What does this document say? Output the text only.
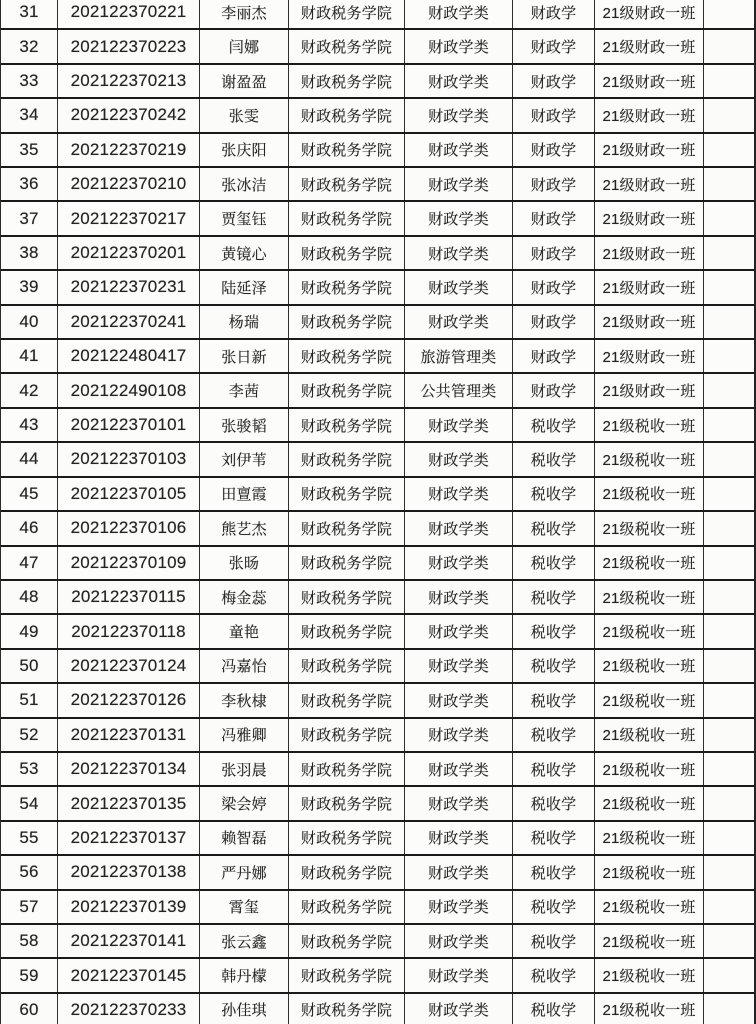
31	202122370221	李丽杰	财政税务学院	财政学类	财政学	21级财政一班
32	202122370223	闫娜	财政税务学院	财政学类	财政学	21级财政一班
33	202122370213	谢盈盈	财政税务学院	财政学类	财政学	21级财政一班
34	202122370242	张雯	财政税务学院	财政学类	财政学	21级财政一班
35	202122370219	张庆阳	财政税务学院	财政学类	财政学	21级财政一班
36	202122370210	张冰洁	财政税务学院	财政学类	财政学	21级财政一班
37	202122370217	贾玺钰	财政税务学院	财政学类	财政学	21级财政一班
38	202122370201	黄镜心	财政税务学院	财政学类	财政学	21级财政一班
39	202122370231	陆延泽	财政税务学院	财政学类	财政学	21级财政一班
40	202122370241	杨瑞	财政税务学院	财政学类	财政学	21级财政一班
41	202122480417	张日新	财政税务学院	旅游管理类	财政学	21级财政一班
42	202122490108	李茜	财政税务学院	公共管理类	财政学	21级财政一班
43	202122370101	张骏韬	财政税务学院	财政学类	税收学	21级税收一班
44	202122370103	刘伊苇	财政税务学院	财政学类	税收学	21级税收一班
45	202122370105	田亶霞	财政税务学院	财政学类	税收学	21级税收一班
46	202122370106	熊艺杰	财政税务学院	财政学类	税收学	21级税收一班
47	202122370109	张旸	财政税务学院	财政学类	税收学	21级税收一班
48	202122370115	梅金蕊	财政税务学院	财政学类	税收学	21级税收一班
49	202122370118	童艳	财政税务学院	财政学类	税收学	21级税收一班
50	202122370124	冯嘉怡	财政税务学院	财政学类	税收学	21级税收一班
51	202122370126	李秋棣	财政税务学院	财政学类	税收学	21级税收一班
52	202122370131	冯雅卿	财政税务学院	财政学类	税收学	21级税收一班
53	202122370134	张羽晨	财政税务学院	财政学类	税收学	21级税收一班
54	202122370135	梁会婷	财政税务学院	财政学类	税收学	21级税收一班
55	202122370137	赖智磊	财政税务学院	财政学类	税收学	21级税收一班
56	202122370138	严丹娜	财政税务学院	财政学类	税收学	21级税收一班
57	202122370139	霄玺	财政税务学院	财政学类	税收学	21级税收一班
58	202122370141	张云鑫	财政税务学院	财政学类	税收学	21级税收一班
59	202122370145	韩丹檬	财政税务学院	财政学类	税收学	21级税收一班
60	202122370233	孙佳琪	财政税务学院	财政学类	税收学	21级税收一班
